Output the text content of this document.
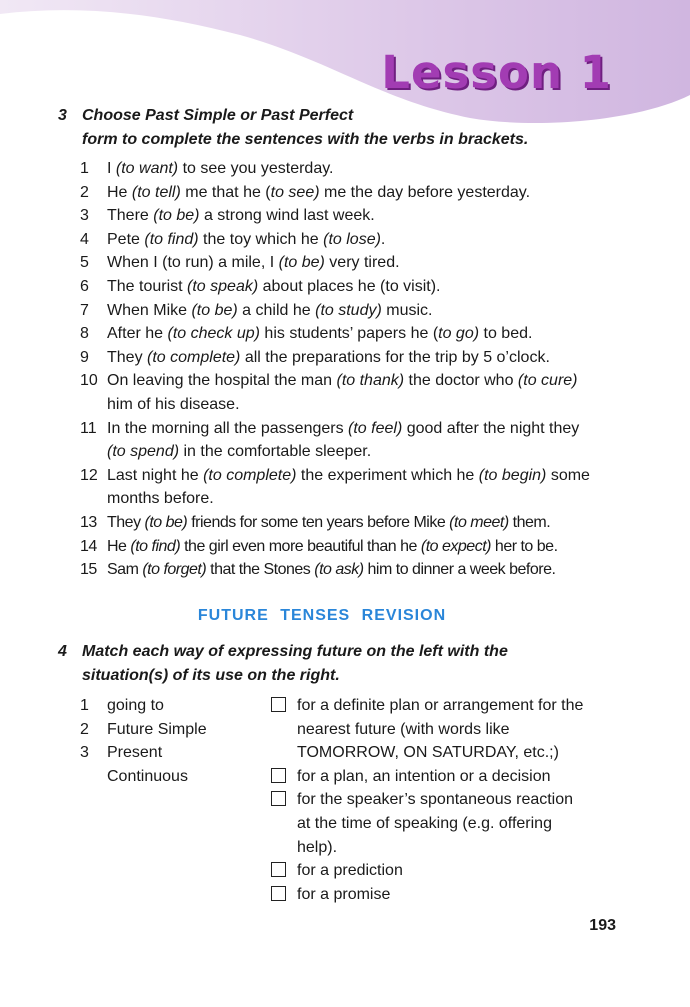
Lesson 1
3 Choose Past Simple or Past Perfect
form to complete the sentences with the verbs in brackets.
1 I (to want) to see you yesterday.
2 He (to tell) me that he (to see) me the day before yesterday.
3 There (to be) a strong wind last week.
4 Pete (to find) the toy which he (to lose).
5 When I (to run) a mile, I (to be) very tired.
6 The tourist (to speak) about places he (to visit).
7 When Mike (to be) a child he (to study) music.
8 After he (to check up) his students’ papers he (to go) to bed.
9 They (to complete) all the preparations for the trip by 5 o’clock.
10 On leaving the hospital the man (to thank) the doctor who (to cure) him of his disease.
11 In the morning all the passengers (to feel) good after the night they (to spend) in the comfortable sleeper.
12 Last night he (to complete) the experiment which he (to begin) some months before.
13 They (to be) friends for some ten years before Mike (to meet) them.
14 He (to find) the girl even more beautiful than he (to expect) her to be.
15 Sam (to forget) that the Stones (to ask) him to dinner a week before.
FUTURE TENSES REVISION
4 Match each way of expressing future on the left with the
situation(s) of its use on the right.
1 going to
2 Future Simple
3 Present Continuous
for a definite plan or arrangement for the nearest future (with words like TOMORROW, ON SATURDAY, etc.;)
for a plan, an intention or a decision
for the speaker’s spontaneous reaction at the time of speaking (e.g. offering help).
for a prediction
for a promise
193
